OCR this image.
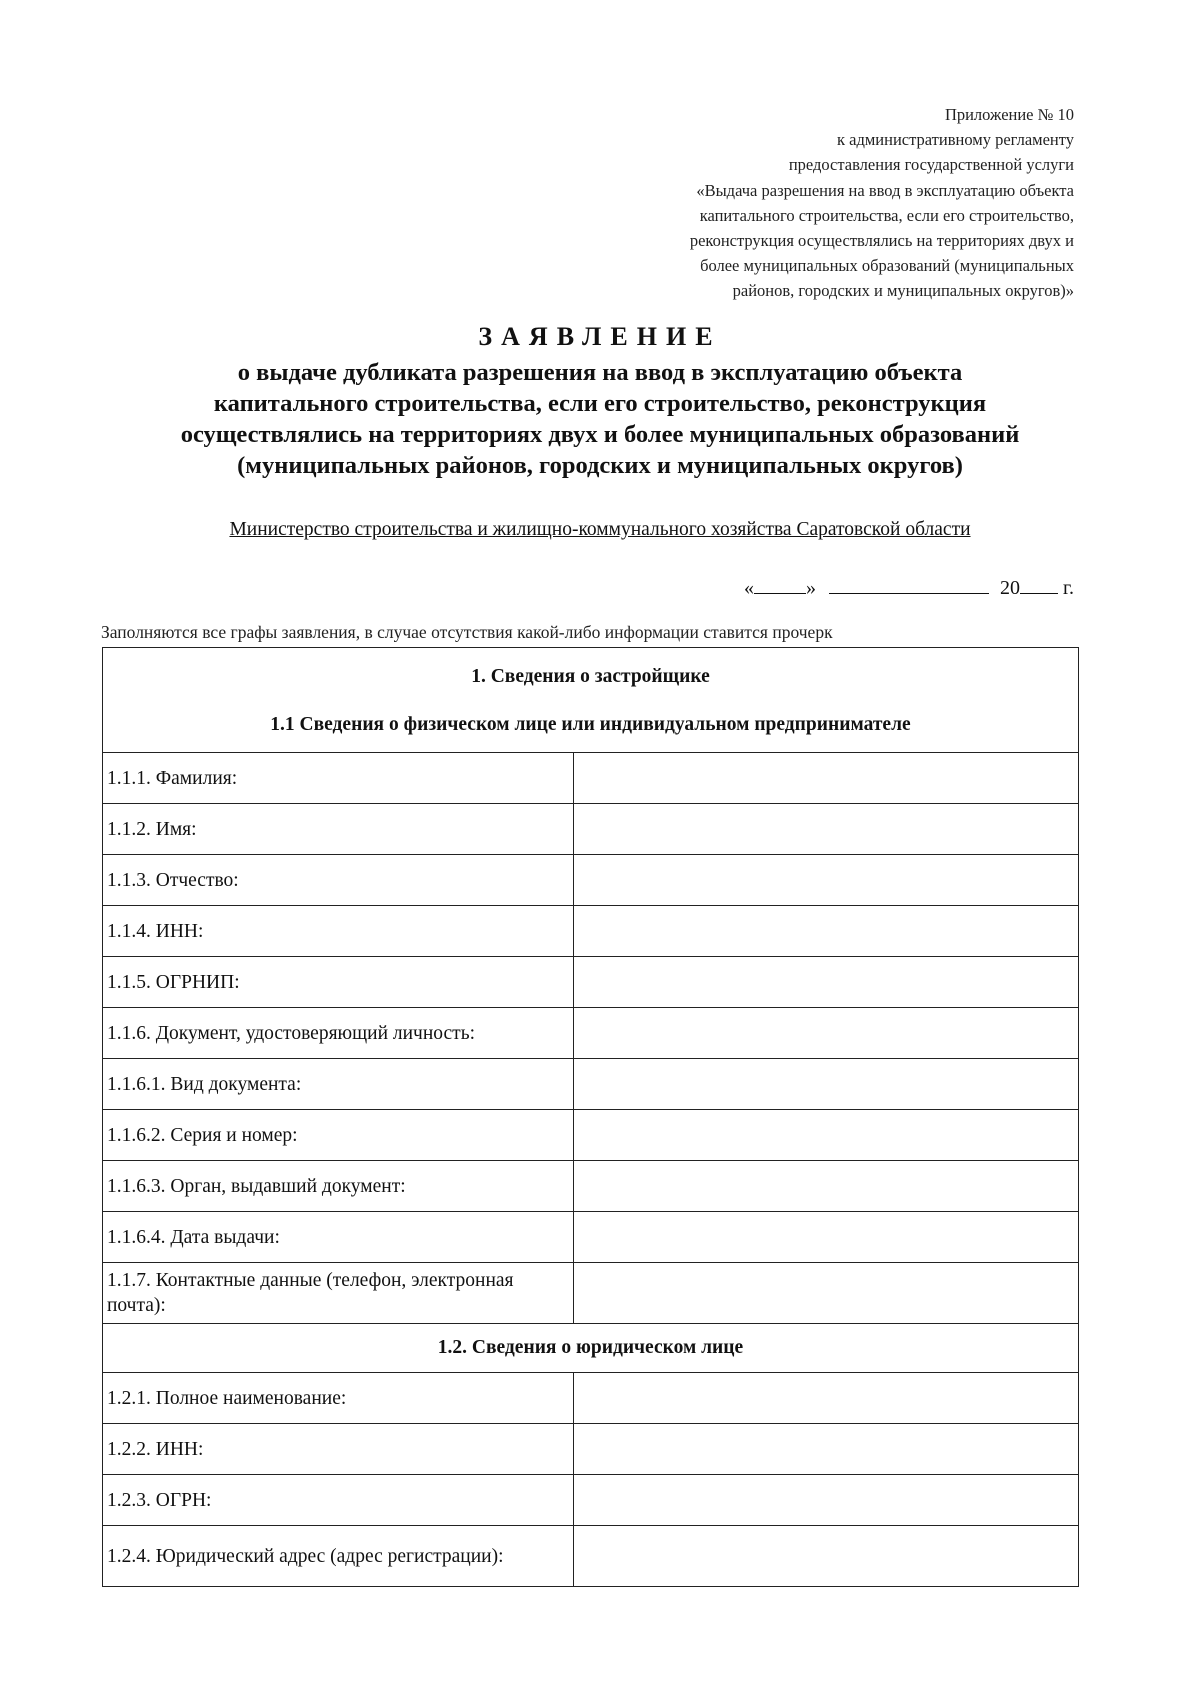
Приложение № 10
к административному регламенту
предоставления государственной услуги
«Выдача разрешения на ввод в эксплуатацию объекта
капитального строительства, если его строительство,
реконструкция осуществлялись на территориях двух и
более муниципальных образований (муниципальных
районов, городских и муниципальных округов)»
ЗАЯВЛЕНИЕ
о выдаче дубликата разрешения на ввод в эксплуатацию объекта
капитального строительства, если его строительство, реконструкция
осуществлялись на территориях двух и более муниципальных образований
(муниципальных районов, городских и муниципальных округов)
Министерство строительства и жилищно-коммунального хозяйства Саратовской области
«	»	20 г.
Заполняются все графы заявления, в случае отсутствия какой-либо информации ставится прочерк
1. Сведения о застройщике
1.1 Сведения о физическом лице или индивидуальном предпринимателе	

1.1.1. Фамилия:	
1.1.2. Имя:	
1.1.3. Отчество:	
1.1.4. ИНН:	
1.1.5. ОГРНИП:	
1.1.6. Документ, удостоверяющий личность:	
1.1.6.1. Вид документа:	
1.1.6.2. Серия и номер:	
1.1.6.3. Орган, выдавший документ:	
1.1.6.4. Дата выдачи:	
1.1.7. Контактные данные (телефон, электронная почта):	
1.2. Сведения о юридическом лице	
1.2.1. Полное наименование:	
1.2.2. ИНН:	
1.2.3. ОГРН:	
1.2.4. Юридический адрес (адрес регистрации):	
